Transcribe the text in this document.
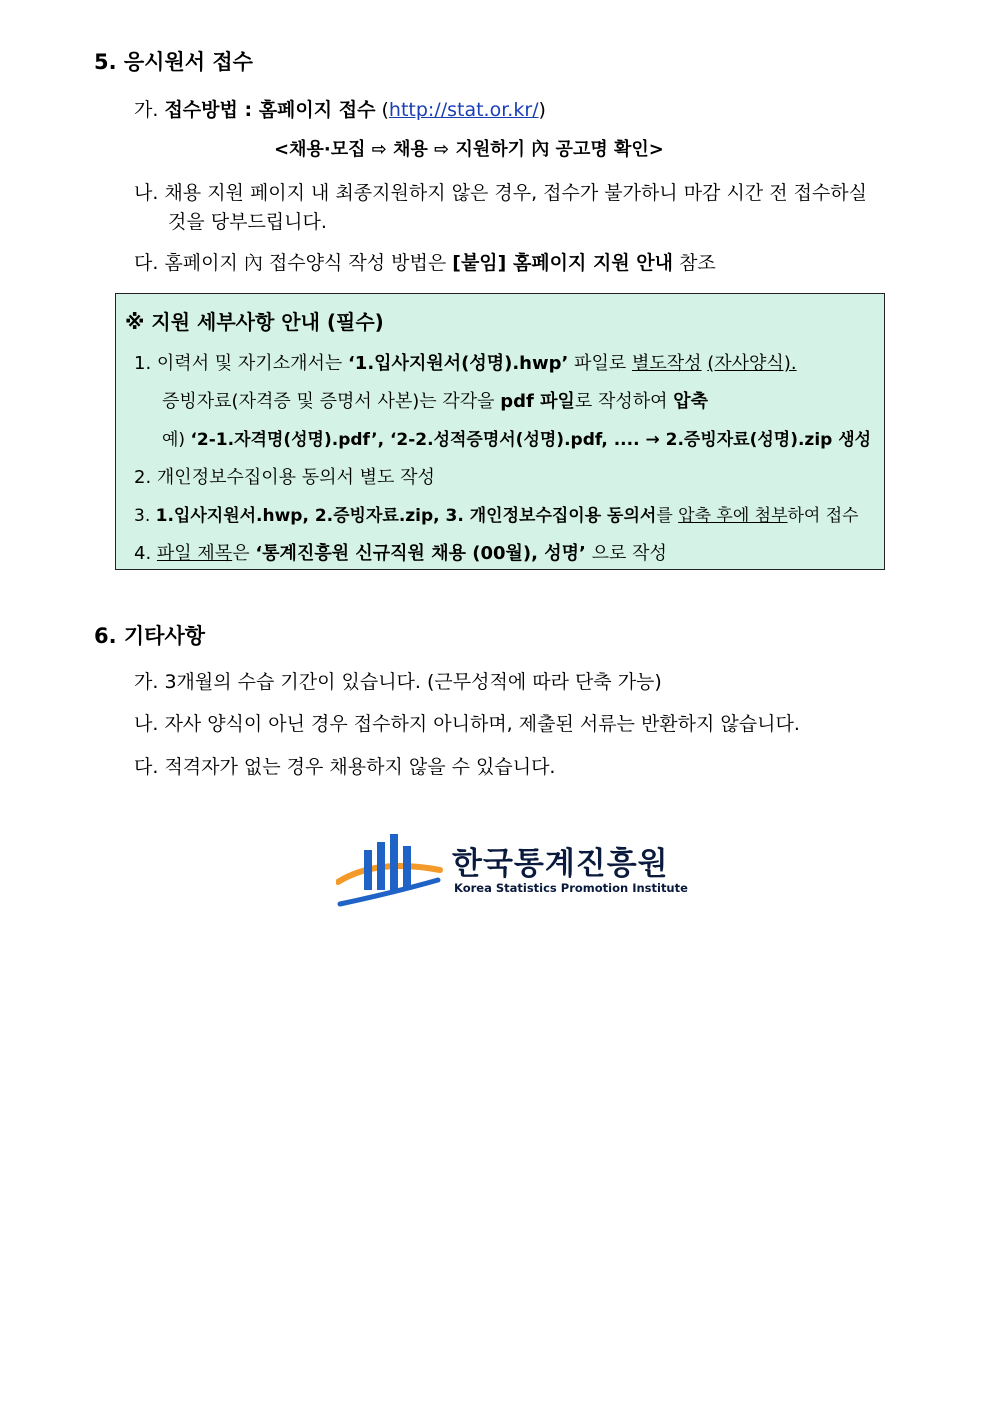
5. 응시원서 접수
가. 접수방법 : 홈페이지 접수 (http://stat.or.kr/)
<채용·모집 ⇨ 채용 ⇨ 지원하기 內 공고명 확인>
나. 채용 지원 페이지 내 최종지원하지 않은 경우, 접수가 불가하니 마감 시간 전 접수하실
것을 당부드립니다.
다. 홈페이지 內 접수양식 작성 방법은 [붙임] 홈페이지 지원 안내 참조
※ 지원 세부사항 안내 (필수)
1. 이력서 및 자기소개서는 ‘1.입사지원서(성명).hwp’ 파일로 별도작성 (자사양식).
증빙자료(자격증 및 증명서 사본)는 각각을 pdf 파일로 작성하여 압축
예) ‘2-1.자격명(성명).pdf’, ‘2-2.성적증명서(성명).pdf, .... → 2.증빙자료(성명).zip 생성
2. 개인정보수집이용 동의서 별도 작성
3. 1.입사지원서.hwp, 2.증빙자료.zip, 3. 개인정보수집이용 동의서를 압축 후에 첨부하여 접수
4. 파일 제목은 ‘통계진흥원 신규직원 채용 (00월), 성명’ 으로 작성
6. 기타사항
가. 3개월의 수습 기간이 있습니다. (근무성적에 따라 단축 가능)
나. 자사 양식이 아닌 경우 접수하지 아니하며, 제출된 서류는 반환하지 않습니다.
다. 적격자가 없는 경우 채용하지 않을 수 있습니다.
한국통계진흥원
Korea Statistics Promotion Institute
